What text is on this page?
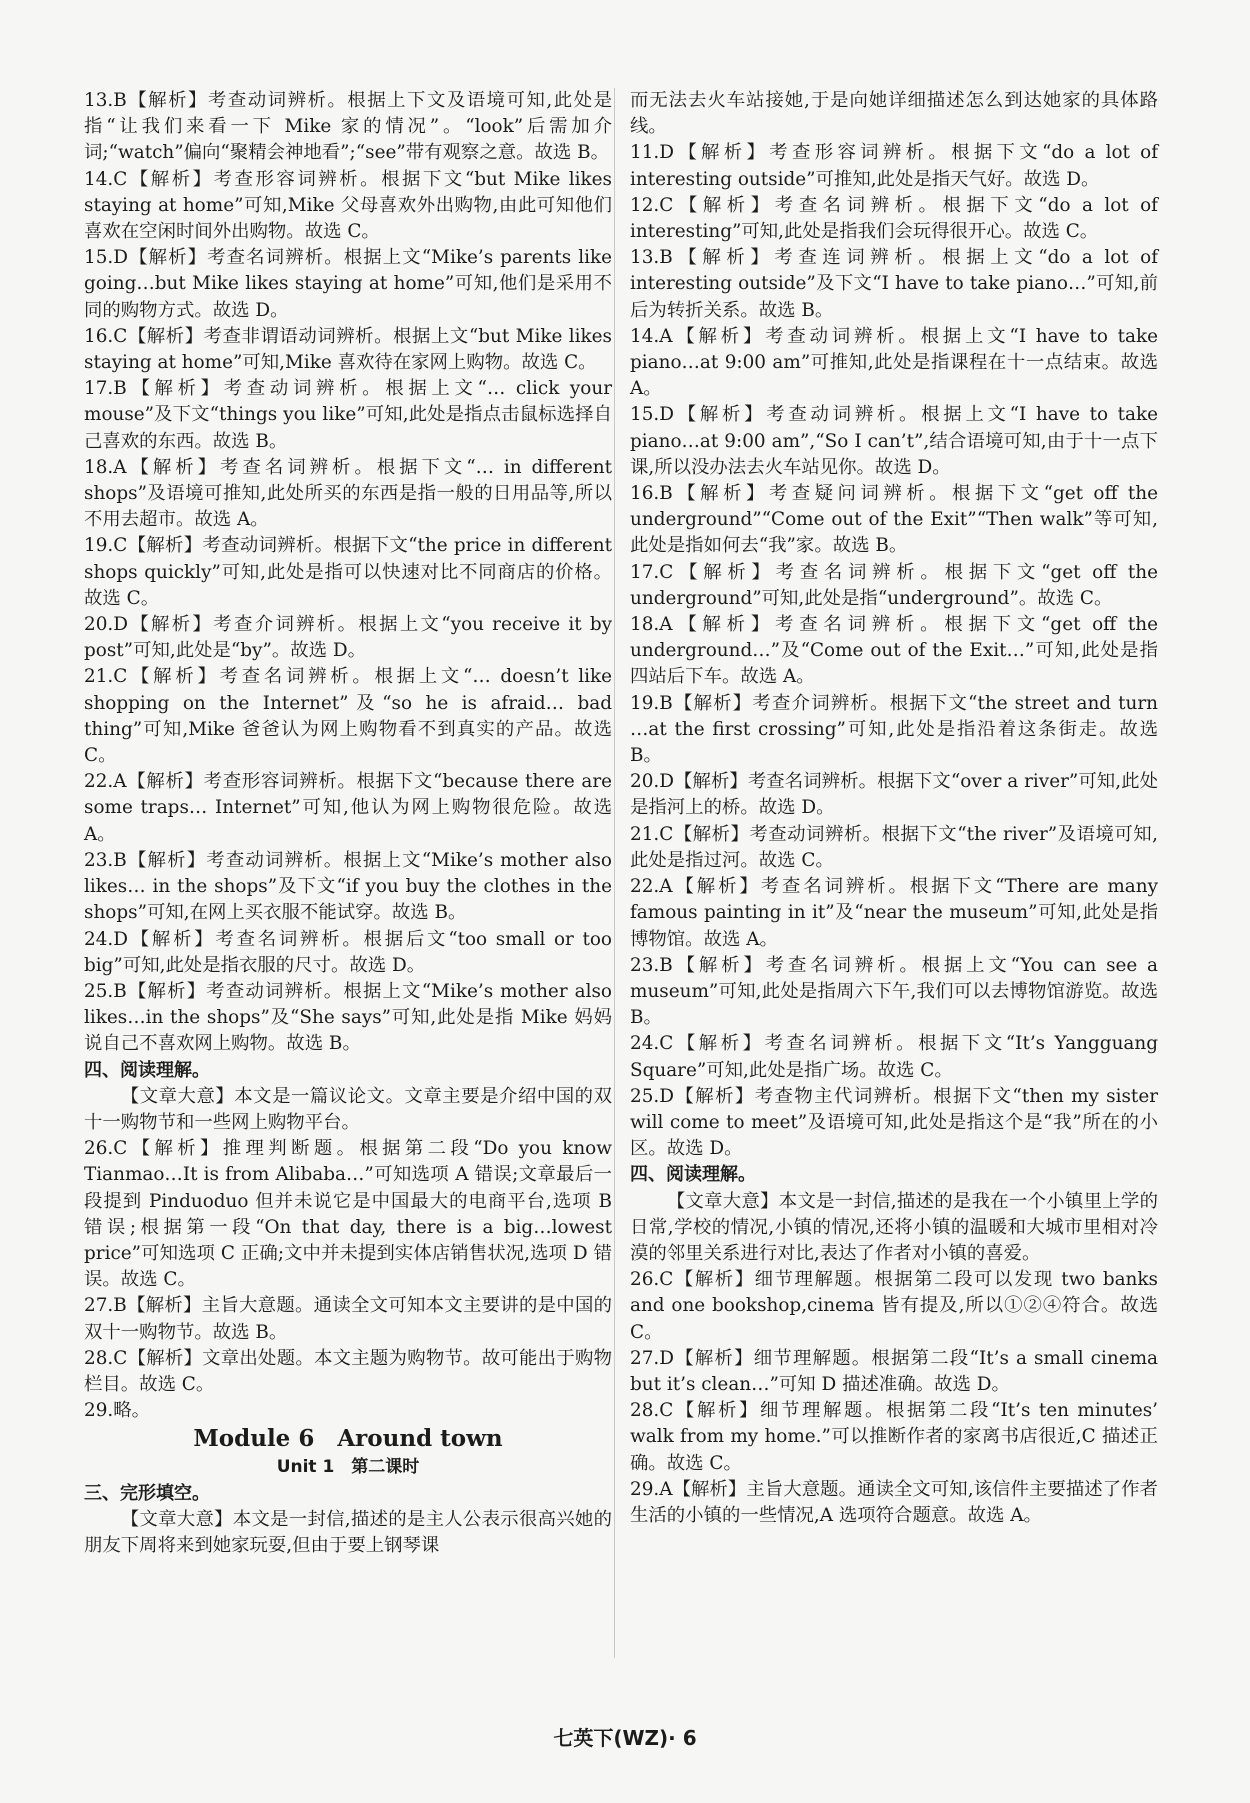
13.B【解析】考查动词辨析。根据上下文及语境可知,此处是指“让我们来看一下 Mike 家的情况”。“look”后需加介词;“watch”偏向“聚精会神地看”;“see”带有观察之意。故选 B。

14.C【解析】考查形容词辨析。根据下文“but Mike likes staying at home”可知,Mike 父母喜欢外出购物,由此可知他们喜欢在空闲时间外出购物。故选 C。

15.D【解析】考查名词辨析。根据上文“Mike’s parents like going…but Mike likes staying at home”可知,他们是采用不同的购物方式。故选 D。

16.C【解析】考查非谓语动词辨析。根据上文“but Mike likes staying at home”可知,Mike 喜欢待在家网上购物。故选 C。

17.B【解析】考查动词辨析。根据上文“… click your mouse”及下文“things you like”可知,此处是指点击鼠标选择自己喜欢的东西。故选 B。

18.A【解析】考查名词辨析。根据下文“… in different shops”及语境可推知,此处所买的东西是指一般的日用品等,所以不用去超市。故选 A。

19.C【解析】考查动词辨析。根据下文“the price in different shops quickly”可知,此处是指可以快速对比不同商店的价格。故选 C。

20.D【解析】考查介词辨析。根据上文“you receive it by post”可知,此处是“by”。故选 D。

21.C【解析】考查名词辨析。根据上文“… doesn’t like shopping on the Internet”及“so he is afraid… bad thing”可知,Mike 爸爸认为网上购物看不到真实的产品。故选 C。

22.A【解析】考查形容词辨析。根据下文“because there are some traps… Internet”可知,他认为网上购物很危险。故选 A。

23.B【解析】考查动词辨析。根据上文“Mike’s mother also likes… in the shops”及下文“if you buy the clothes in the shops”可知,在网上买衣服不能试穿。故选 B。

24.D【解析】考查名词辨析。根据后文“too small or too big”可知,此处是指衣服的尺寸。故选 D。

25.B【解析】考查动词辨析。根据上文“Mike’s mother also likes…in the shops”及“She says”可知,此处是指 Mike 妈妈说自己不喜欢网上购物。故选 B。

四、阅读理解。

【文章大意】本文是一篇议论文。文章主要是介绍中国的双十一购物节和一些网上购物平台。

26.C【解析】推理判断题。根据第二段“Do you know Tianmao…It is from Alibaba…”可知选项 A 错误;文章最后一段提到 Pinduoduo 但并未说它是中国最大的电商平台,选项 B 错误;根据第一段“On that day, there is a big…lowest price”可知选项 C 正确;文中并未提到实体店销售状况,选项 D 错误。故选 C。

27.B【解析】主旨大意题。通读全文可知本文主要讲的是中国的双十一购物节。故选 B。

28.C【解析】文章出处题。本文主题为购物节。故可能出于购物栏目。故选 C。

29.略。

Module 6　Around town

Unit 1　第二课时

三、完形填空。

【文章大意】本文是一封信,描述的是主人公表示很高兴她的朋友下周将来到她家玩耍,但由于要上钢琴课

而无法去火车站接她,于是向她详细描述怎么到达她家的具体路线。

11.D【解析】考查形容词辨析。根据下文“do a lot of interesting outside”可推知,此处是指天气好。故选 D。

12.C【解析】考查名词辨析。根据下文“do a lot of interesting”可知,此处是指我们会玩得很开心。故选 C。

13.B【解析】考查连词辨析。根据上文“do a lot of interesting outside”及下文“I have to take piano…”可知,前后为转折关系。故选 B。

14.A【解析】考查动词辨析。根据上文“I have to take piano…at 9:00 am”可推知,此处是指课程在十一点结束。故选 A。

15.D【解析】考查动词辨析。根据上文“I have to take piano…at 9:00 am”,“So I can’t”,结合语境可知,由于十一点下课,所以没办法去火车站见你。故选 D。

16.B【解析】考查疑问词辨析。根据下文“get off the underground”“Come out of the Exit”“Then walk”等可知,此处是指如何去“我”家。故选 B。

17.C【解析】考查名词辨析。根据下文“get off the underground”可知,此处是指“underground”。故选 C。

18.A【解析】考查名词辨析。根据下文“get off the underground…”及“Come out of the Exit…”可知,此处是指四站后下车。故选 A。

19.B【解析】考查介词辨析。根据下文“the street and turn …at the first crossing”可知,此处是指沿着这条街走。故选 B。

20.D【解析】考查名词辨析。根据下文“over a river”可知,此处是指河上的桥。故选 D。

21.C【解析】考查动词辨析。根据下文“the river”及语境可知,此处是指过河。故选 C。

22.A【解析】考查名词辨析。根据下文“There are many famous painting in it”及“near the museum”可知,此处是指博物馆。故选 A。

23.B【解析】考查名词辨析。根据上文“You can see a museum”可知,此处是指周六下午,我们可以去博物馆游览。故选 B。

24.C【解析】考查名词辨析。根据下文“It’s Yangguang Square”可知,此处是指广场。故选 C。

25.D【解析】考查物主代词辨析。根据下文“then my sister will come to meet”及语境可知,此处是指这个是“我”所在的小区。故选 D。

四、阅读理解。

【文章大意】本文是一封信,描述的是我在一个小镇里上学的日常,学校的情况,小镇的情况,还将小镇的温暖和大城市里相对冷漠的邻里关系进行对比,表达了作者对小镇的喜爱。

26.C【解析】细节理解题。根据第二段可以发现 two banks and one bookshop,cinema 皆有提及,所以①②④符合。故选 C。

27.D【解析】细节理解题。根据第二段“It’s a small cinema but it’s clean…”可知 D 描述准确。故选 D。

28.C【解析】细节理解题。根据第二段“It’s ten minutes’ walk from my home.”可以推断作者的家离书店很近,C 描述正确。故选 C。

29.A【解析】主旨大意题。通读全文可知,该信件主要描述了作者生活的小镇的一些情况,A 选项符合题意。故选 A。

七英下(WZ)· 6
